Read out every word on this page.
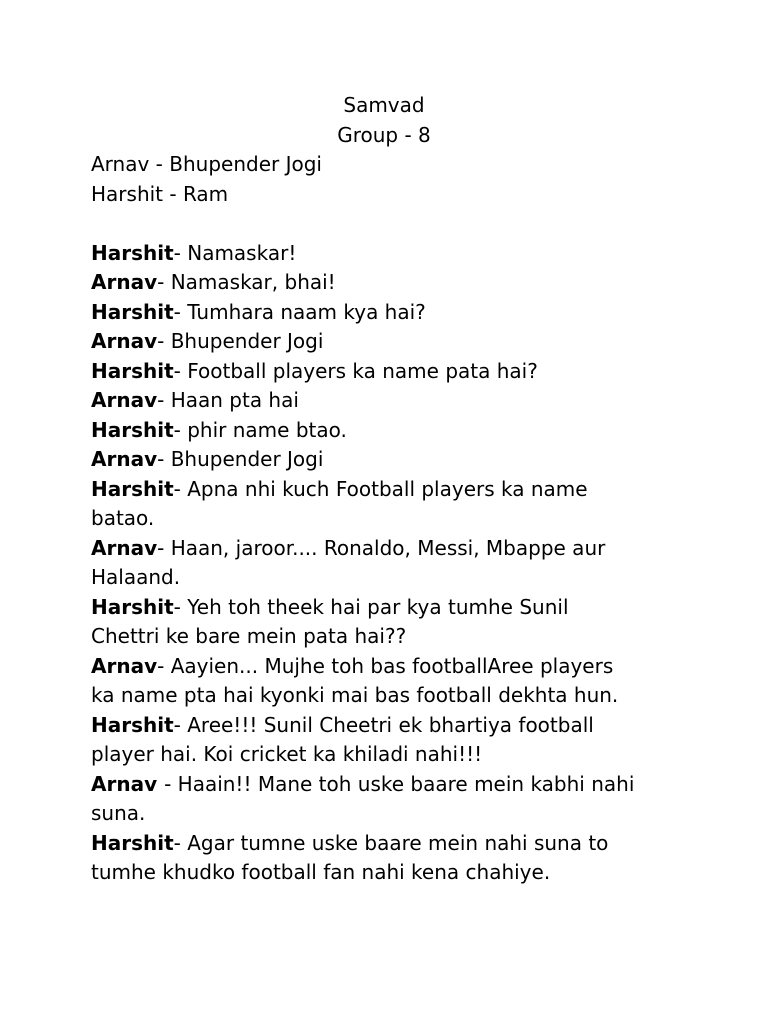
Samvad
Group - 8
Arnav - Bhupender Jogi
Harshit - Ram
Harshit- Namaskar!
Arnav- Namaskar, bhai!
Harshit- Tumhara naam kya hai?
Arnav- Bhupender Jogi
Harshit- Football players ka name pata hai?
Arnav- Haan pta hai
Harshit- phir name btao.
Arnav- Bhupender Jogi
Harshit- Apna nhi kuch Football players ka name
batao.
Arnav- Haan, jaroor.... Ronaldo, Messi, Mbappe aur
Halaand.
Harshit- Yeh toh theek hai par kya tumhe Sunil
Chettri ke bare mein pata hai??
Arnav- Aayien... Mujhe toh bas footballAree players
ka name pta hai kyonki mai bas football dekhta hun.
Harshit- Aree!!! Sunil Cheetri ek bhartiya football
player hai. Koi cricket ka khiladi nahi!!!
Arnav - Haain!! Mane toh uske baare mein kabhi nahi
suna.
Harshit- Agar tumne uske baare mein nahi suna to
tumhe khudko football fan nahi kena chahiye.
